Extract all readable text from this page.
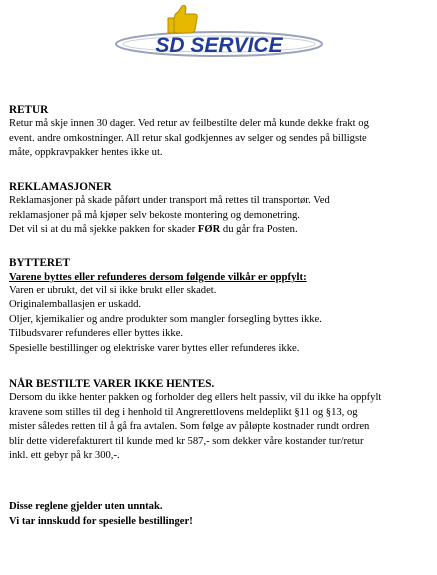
SD SERVICE
RETUR
Retur må skje innen 30 dager. Ved retur av feilbestilte deler må kunde dekke frakt og
event. andre omkostninger. All retur skal godkjennes av selger og sendes på billigste
måte, oppkravpakker hentes ikke ut.
REKLAMASJONER
Reklamasjoner på skade påført under transport må rettes til transportør. Ved
reklamasjoner på må kjøper selv bekoste montering og demonetring.
Det vil si at du må sjekke pakken for skader FØR du går fra Posten.
BYTTERET
Varene byttes eller refunderes dersom følgende vilkår er oppfylt:
Varen er ubrukt, det vil si ikke brukt eller skadet.
Originalemballasjen er uskadd.
Oljer, kjemikalier og andre produkter som mangler forsegling byttes ikke.
Tilbudsvarer refunderes eller byttes ikke.
Spesielle bestillinger og elektriske varer byttes eller refunderes ikke.
NÅR BESTILTE VARER IKKE HENTES.
Dersom du ikke henter pakken og forholder deg ellers helt passiv, vil du ikke ha oppfylt
kravene som stilles til deg i henhold til Angrerettlovens meldeplikt §11 og §13, og
mister således retten til å gå fra avtalen. Som følge av påløpte kostnader rundt ordren
blir dette viderefakturert til kunde med kr 587,- som dekker våre kostander tur/retur
inkl. ett gebyr på kr 300,-.
Disse reglene gjelder uten unntak.
Vi tar innskudd for spesielle bestillinger!
